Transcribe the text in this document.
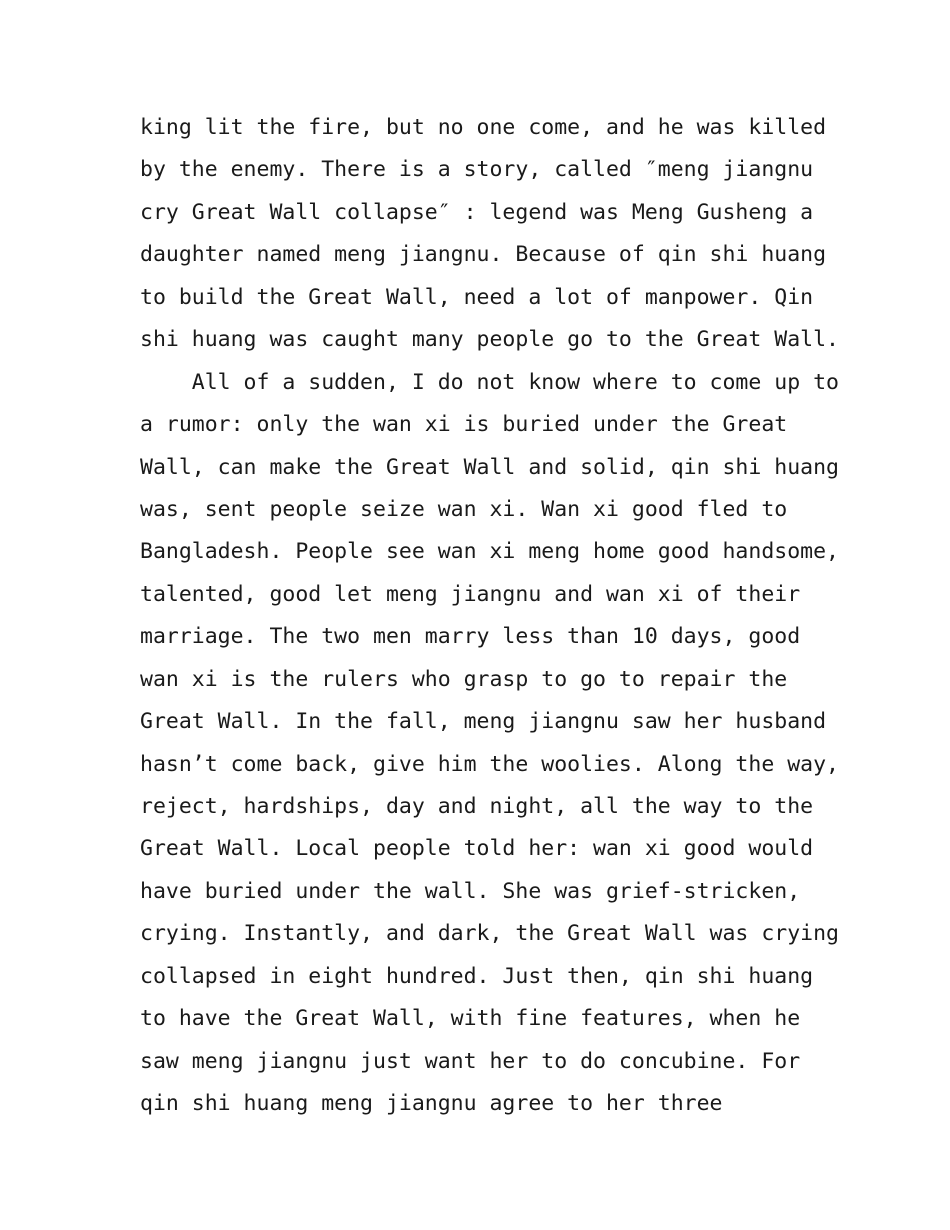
king lit the fire, but no one come, and he was killed
by the enemy. There is a story, called ″meng jiangnu
cry Great Wall collapse″ : legend was Meng Gusheng a
daughter named meng jiangnu. Because of qin shi huang
to build the Great Wall, need a lot of manpower. Qin
shi huang was caught many people go to the Great Wall.
All of a sudden, I do not know where to come up to
a rumor: only the wan xi is buried under the Great
Wall, can make the Great Wall and solid, qin shi huang
was, sent people seize wan xi. Wan xi good fled to
Bangladesh. People see wan xi meng home good handsome,
talented, good let meng jiangnu and wan xi of their
marriage. The two men marry less than 10 days, good
wan xi is the rulers who grasp to go to repair the
Great Wall. In the fall, meng jiangnu saw her husband
hasn’t come back, give him the woolies. Along the way,
reject, hardships, day and night, all the way to the
Great Wall. Local people told her: wan xi good would
have buried under the wall. She was grief-stricken,
crying. Instantly, and dark, the Great Wall was crying
collapsed in eight hundred. Just then, qin shi huang
to have the Great Wall, with fine features, when he
saw meng jiangnu just want her to do concubine. For
qin shi huang meng jiangnu agree to her three
